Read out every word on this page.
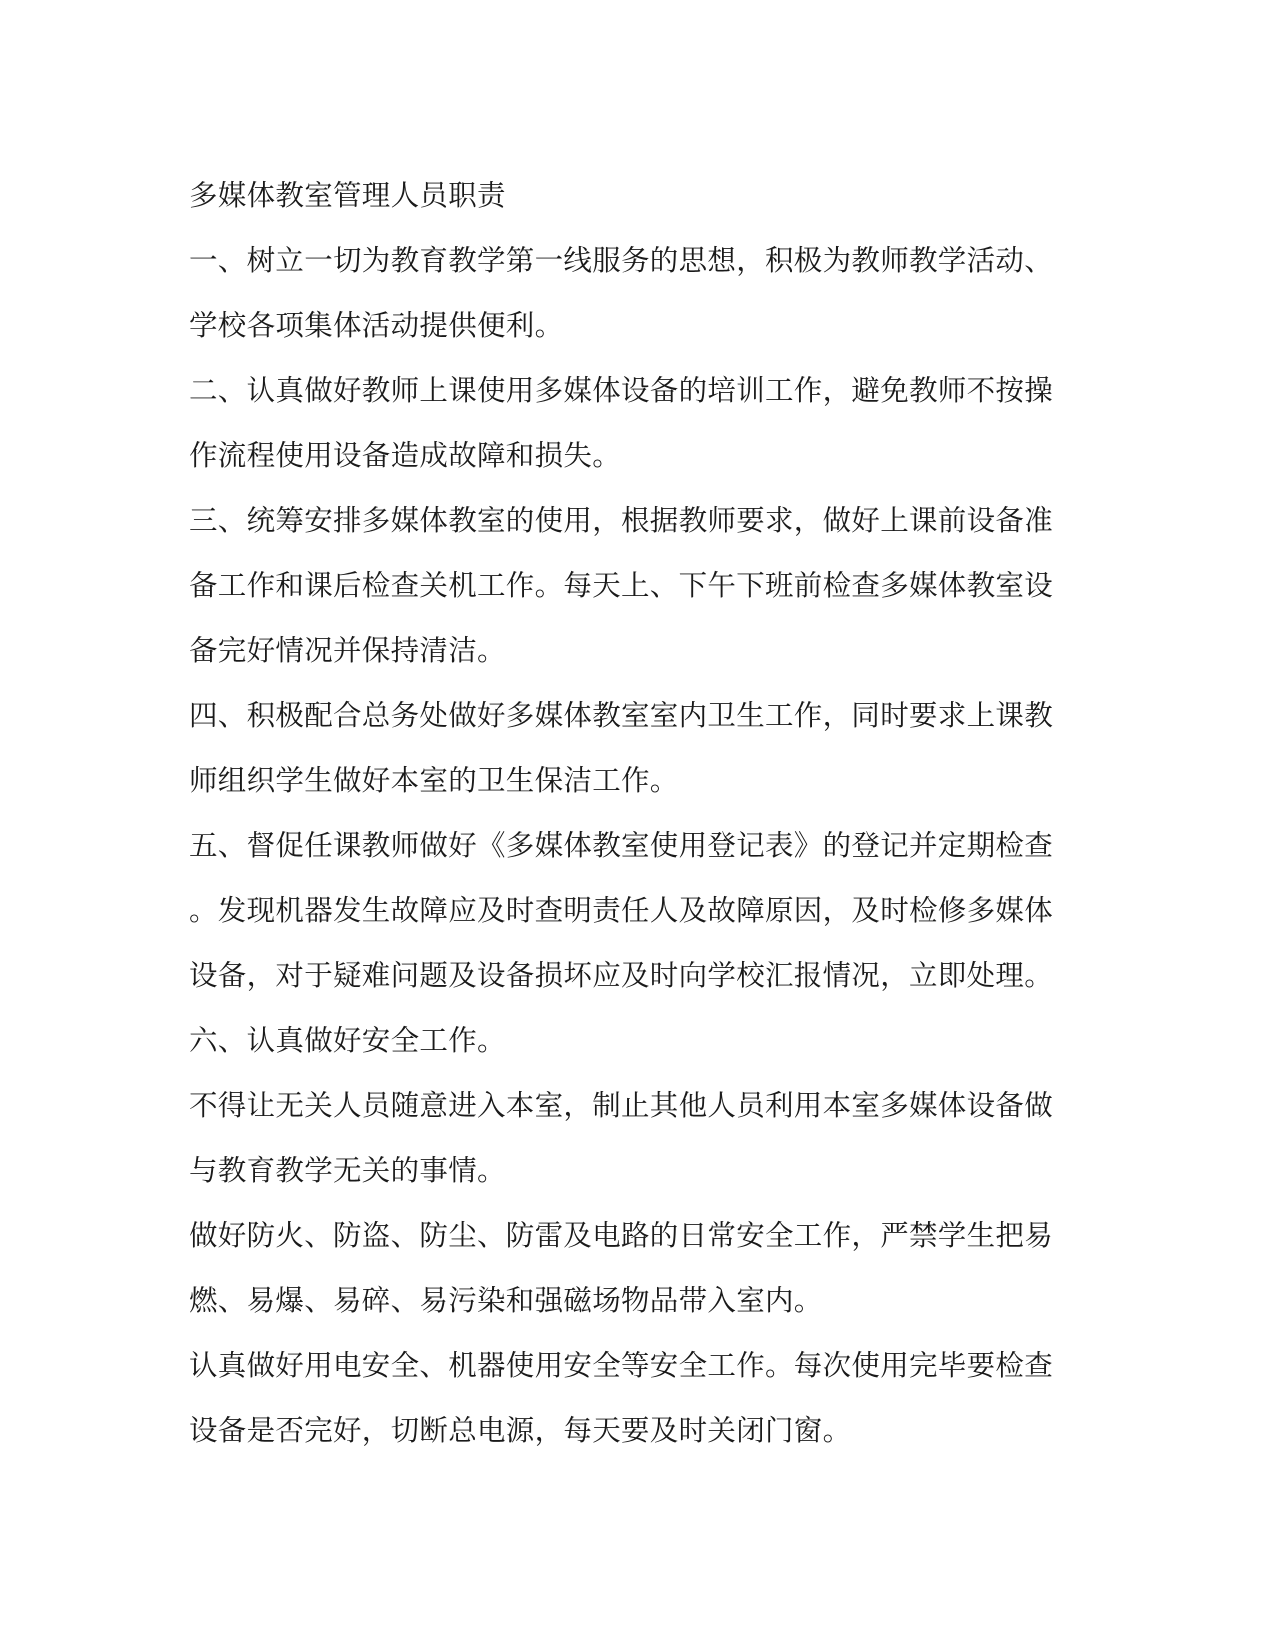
多媒体教室管理人员职责
一、树立一切为教育教学第一线服务的思想，积极为教师教学活动、
学校各项集体活动提供便利。
二、认真做好教师上课使用多媒体设备的培训工作，避免教师不按操
作流程使用设备造成故障和损失。
三、统筹安排多媒体教室的使用，根据教师要求，做好上课前设备准
备工作和课后检查关机工作。每天上、下午下班前检查多媒体教室设
备完好情况并保持清洁。
四、积极配合总务处做好多媒体教室室内卫生工作，同时要求上课教
师组织学生做好本室的卫生保洁工作。
五、督促任课教师做好《多媒体教室使用登记表》的登记并定期检查
。发现机器发生故障应及时查明责任人及故障原因，及时检修多媒体
设备，对于疑难问题及设备损坏应及时向学校汇报情况，立即处理。
六、认真做好安全工作。
不得让无关人员随意进入本室，制止其他人员利用本室多媒体设备做
与教育教学无关的事情。
做好防火、防盗、防尘、防雷及电路的日常安全工作，严禁学生把易
燃、易爆、易碎、易污染和强磁场物品带入室内。
认真做好用电安全、机器使用安全等安全工作。每次使用完毕要检查
设备是否完好，切断总电源，每天要及时关闭门窗。
